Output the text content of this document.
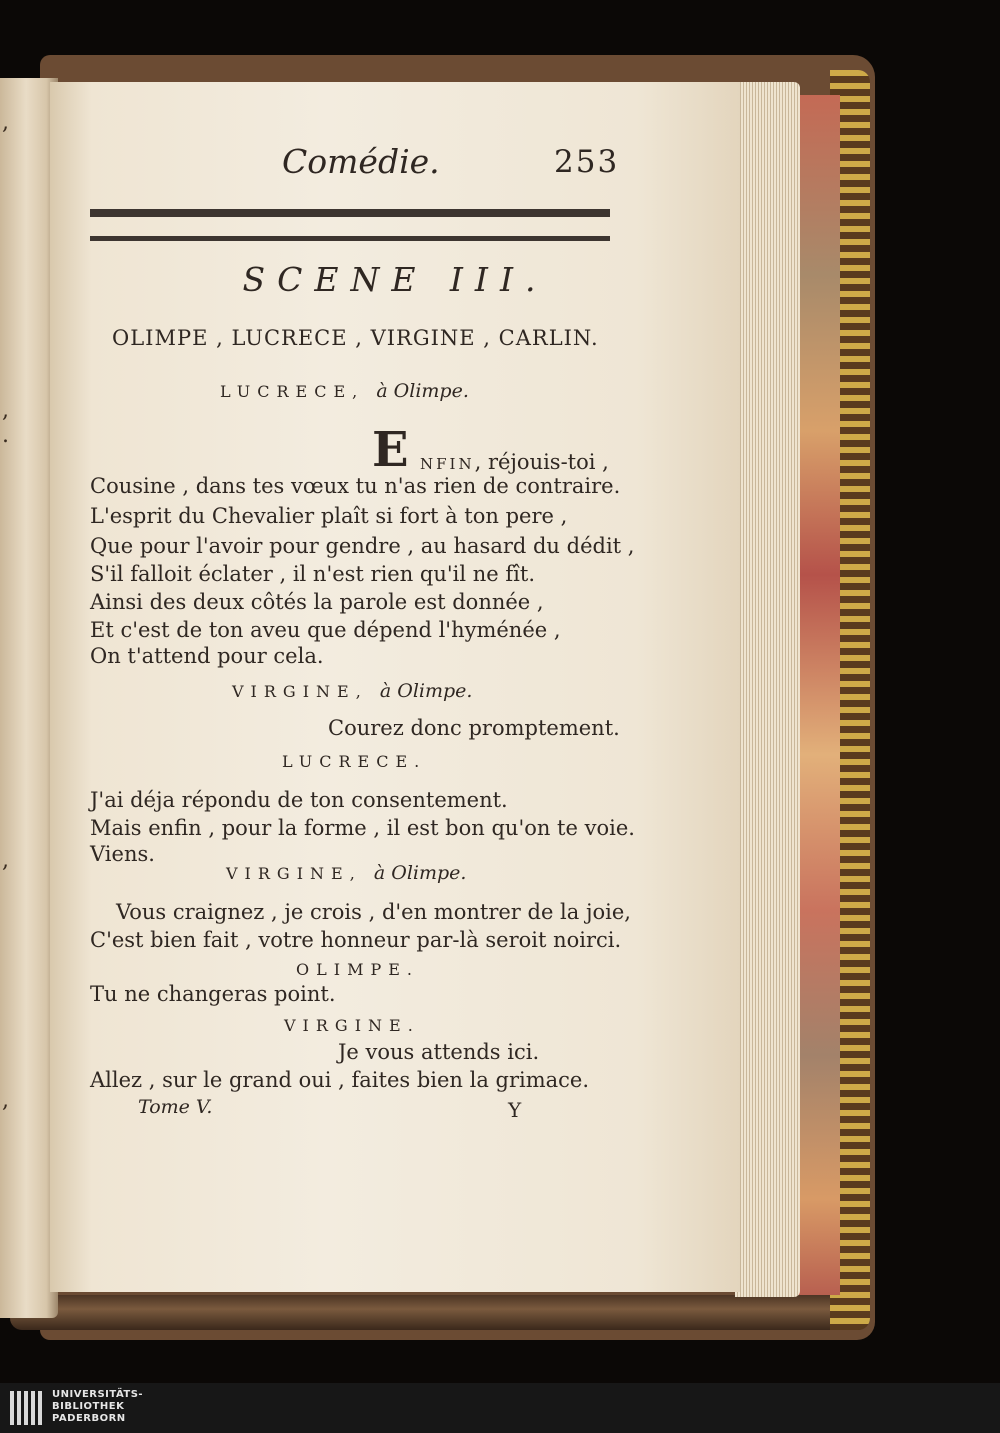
,
,
.
,
,
Comédie.	253
SCENE III.
OLIMPE , LUCRECE , VIRGINE , CARLIN.
LUCRECE, à Olimpe.
E NFIN, réjouis-toi ,
Cousine , dans tes vœux tu n'as rien de contraire.
L'esprit du Chevalier plaît si fort à ton pere ,
Que pour l'avoir pour gendre , au hasard du dédit ,
S'il falloit éclater , il n'est rien qu'il ne fît.
Ainsi des deux côtés la parole est donnée ,
Et c'est de ton aveu que dépend l'hyménée ,
On t'attend pour cela.
VIRGINE, à Olimpe.
Courez donc promptement.
LUCRECE.
J'ai déja répondu de ton consentement.
Mais enfin , pour la forme , il est bon qu'on te voie.
Viens.
VIRGINE, à Olimpe.
Vous craignez , je crois , d'en montrer de la joie,
C'est bien fait , votre honneur par-là seroit noirci.
OLIMPE.
Tu ne changeras point.
VIRGINE.
Je vous attends ici.
Allez , sur le grand oui , faites bien la grimace.
Tome V.	Y
UNIVERSITÄTS-
BIBLIOTHEK
PADERBORN
